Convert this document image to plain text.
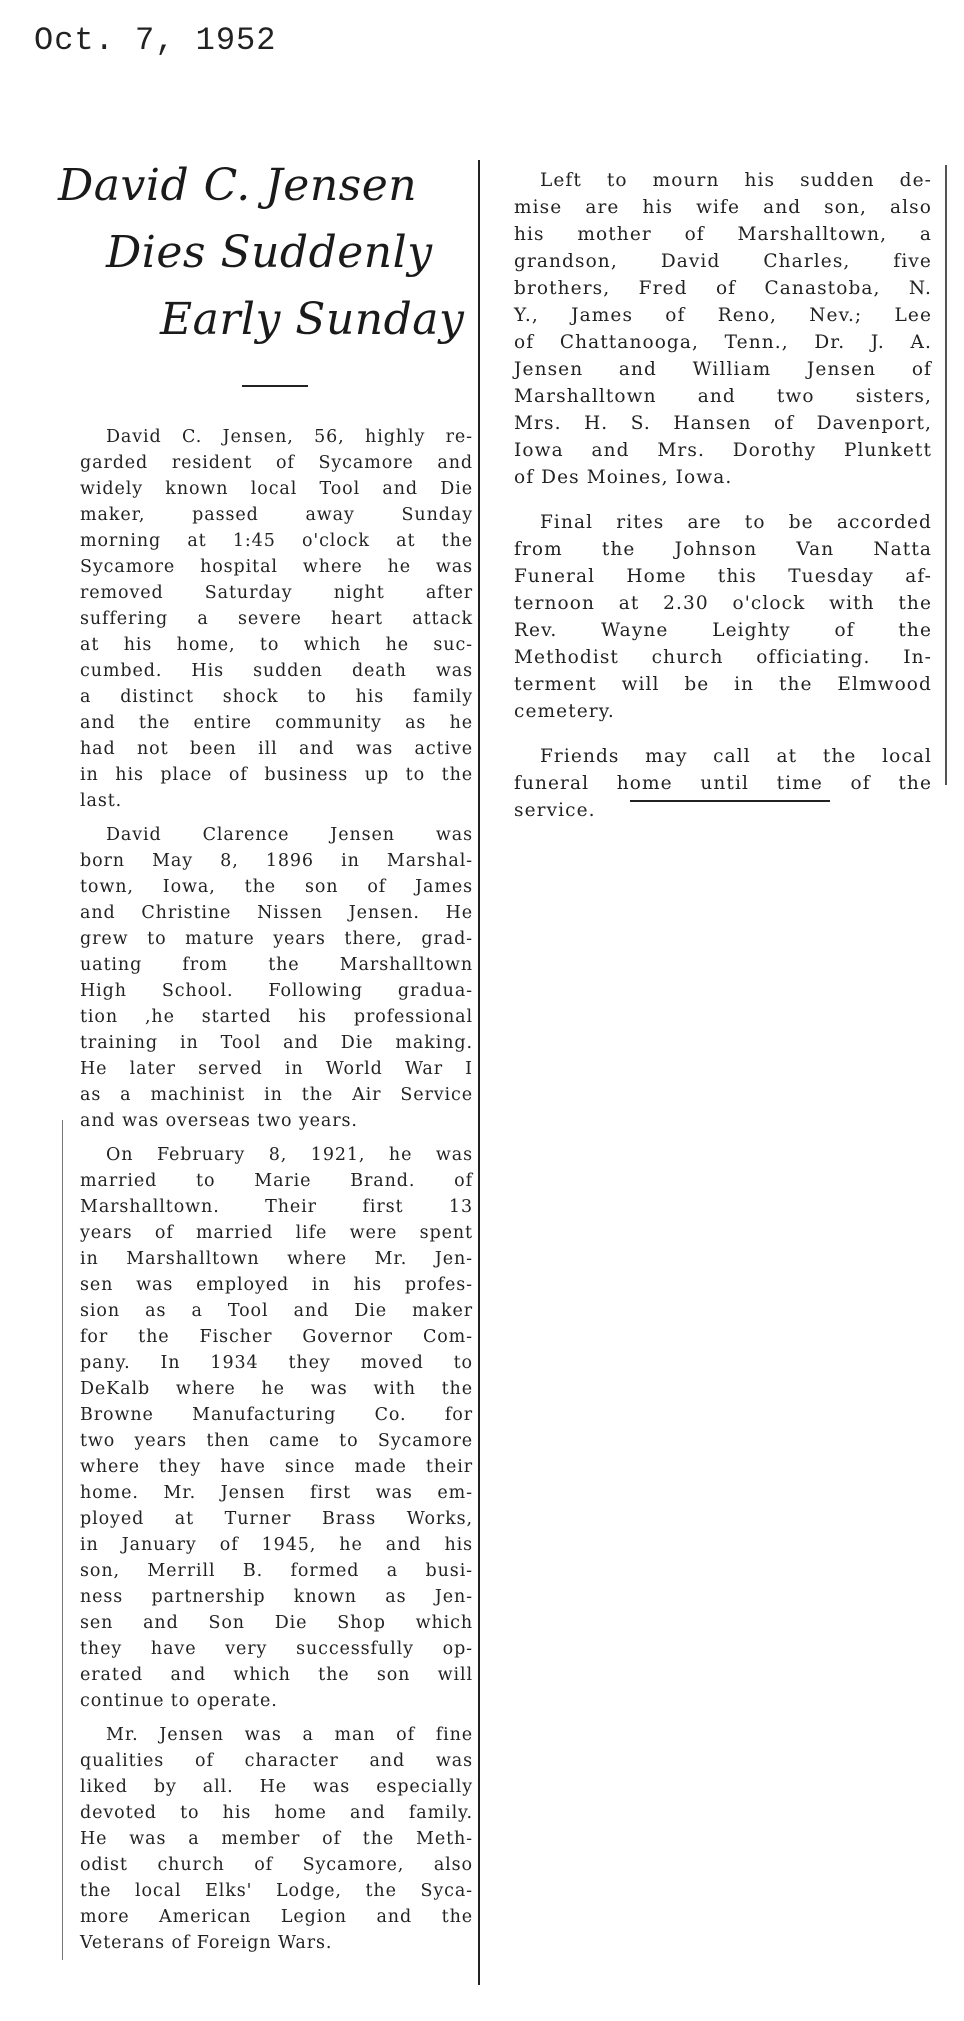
Oct. 7, 1952
David C. Jensen
Dies Suddenly
Early Sunday
David C. Jensen, 56, highly re-
garded resident of Sycamore and
widely known local Tool and Die
maker, passed away Sunday
morning at 1:45 o'clock at the
Sycamore hospital where he was
removed Saturday night after
suffering a severe heart attack
at his home, to which he suc-
cumbed. His sudden death was
a distinct shock to his family
and the entire community as he
had not been ill and was active
in his place of business up to the
last.
David Clarence Jensen was
born May 8, 1896 in Marshal-
town, Iowa, the son of James
and Christine Nissen Jensen. He
grew to mature years there, grad-
uating from the Marshalltown
High School. Following gradua-
tion ,he started his professional
training in Tool and Die making.
He later served in World War I
as a machinist in the Air Service
and was overseas two years.
On February 8, 1921, he was
married to Marie Brand. of
Marshalltown. Their first 13
years of married life were spent
in Marshalltown where Mr. Jen-
sen was employed in his profes-
sion as a Tool and Die maker
for the Fischer Governor Com-
pany. In 1934 they moved to
DeKalb where he was with the
Browne Manufacturing Co. for
two years then came to Sycamore
where they have since made their
home. Mr. Jensen first was em-
ployed at Turner Brass Works,
in January of 1945, he and his
son, Merrill B. formed a busi-
ness partnership known as Jen-
sen and Son Die Shop which
they have very successfully op-
erated and which the son will
continue to operate.
Mr. Jensen was a man of fine
qualities of character and was
liked by all. He was especially
devoted to his home and family.
He was a member of the Meth-
odist church of Sycamore, also
the local Elks' Lodge, the Syca-
more American Legion and the
Veterans of Foreign Wars.
Left to mourn his sudden de-
mise are his wife and son, also
his mother of Marshalltown, a
grandson, David Charles, five
brothers, Fred of Canastoba, N.
Y., James of Reno, Nev.; Lee
of Chattanooga, Tenn., Dr. J. A.
Jensen and William Jensen of
Marshalltown and two sisters,
Mrs. H. S. Hansen of Davenport,
Iowa and Mrs. Dorothy Plunkett
of Des Moines, Iowa.
Final rites are to be accorded
from the Johnson Van Natta
Funeral Home this Tuesday af-
ternoon at 2.30 o'clock with the
Rev. Wayne Leighty of the
Methodist church officiating. In-
terment will be in the Elmwood
cemetery.
Friends may call at the local
funeral home until time of the
service.
